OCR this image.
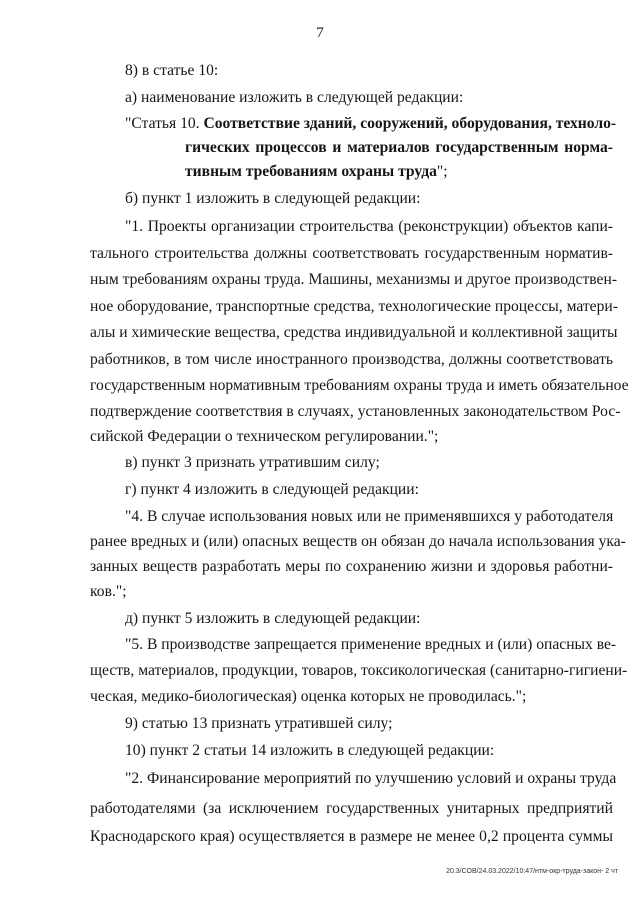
7
8) в статье 10:
а) наименование изложить в следующей редакции:
"Статья 10. Соответствие зданий, сооружений, оборудования, техноло-
гических процессов и материалов государственным норма-
тивным требованиям охраны труда";
б) пункт 1 изложить в следующей редакции:
"1. Проекты организации строительства (реконструкции) объектов капи-
тального строительства должны соответствовать государственным норматив-
ным требованиям охраны труда. Машины, механизмы и другое производствен-
ное оборудование, транспортные средства, технологические процессы, матери-
алы и химические вещества, средства индивидуальной и коллективной защиты
работников, в том числе иностранного производства, должны соответствовать
государственным нормативным требованиям охраны труда и иметь обязательное
подтверждение соответствия в случаях, установленных законодательством Рос-
сийской Федерации о техническом регулировании.";
в) пункт 3 признать утратившим силу;
г) пункт 4 изложить в следующей редакции:
"4. В случае использования новых или не применявшихся у работодателя
ранее вредных и (или) опасных веществ он обязан до начала использования ука-
занных веществ разработать меры по сохранению жизни и здоровья работни-
ков.";
д) пункт 5 изложить в следующей редакции:
"5. В производстве запрещается применение вредных и (или) опасных ве-
ществ, материалов, продукции, товаров, токсикологическая (санитарно-гигиени-
ческая, медико-биологическая) оценка которых не проводилась.";
9) статью 13 признать утратившей силу;
10) пункт 2 статьи 14 изложить в следующей редакции:
"2. Финансирование мероприятий по улучшению условий и охраны труда
работодателями (за исключением государственных унитарных предприятий
Краснодарского края) осуществляется в размере не менее 0,2 процента суммы
20.3/СОВ/24.03.2022/10:47/нтм-окр-труда-закон- 2 чт
